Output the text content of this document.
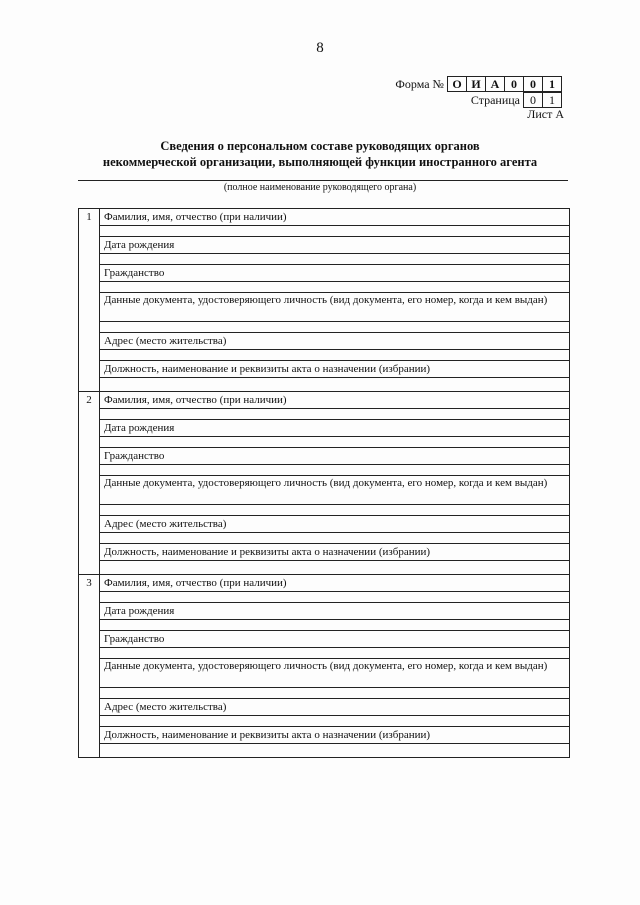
8
Форма № О И А 0	0	1
Страница 0	1
Лист А
Сведения о персональном составе руководящих органов
некоммерческой организации, выполняющей функции иностранного агента
(полное наименование руководящего органа)
1	Фамилия, имя, отчество (при наличии)
Дата рождения
Гражданство
Данные документа, удостоверяющего личность (вид документа, его номер, когда и кем выдан)
Адрес (место жительства)
Должность, наименование и реквизиты акта о назначении (избрании)
2	Фамилия, имя, отчество (при наличии)
Дата рождения
Гражданство
Данные документа, удостоверяющего личность (вид документа, его номер, когда и кем выдан)
Адрес (место жительства)
Должность, наименование и реквизиты акта о назначении (избрании)
3	Фамилия, имя, отчество (при наличии)
Дата рождения
Гражданство
Данные документа, удостоверяющего личность (вид документа, его номер, когда и кем выдан)
Адрес (место жительства)
Должность, наименование и реквизиты акта о назначении (избрании)
